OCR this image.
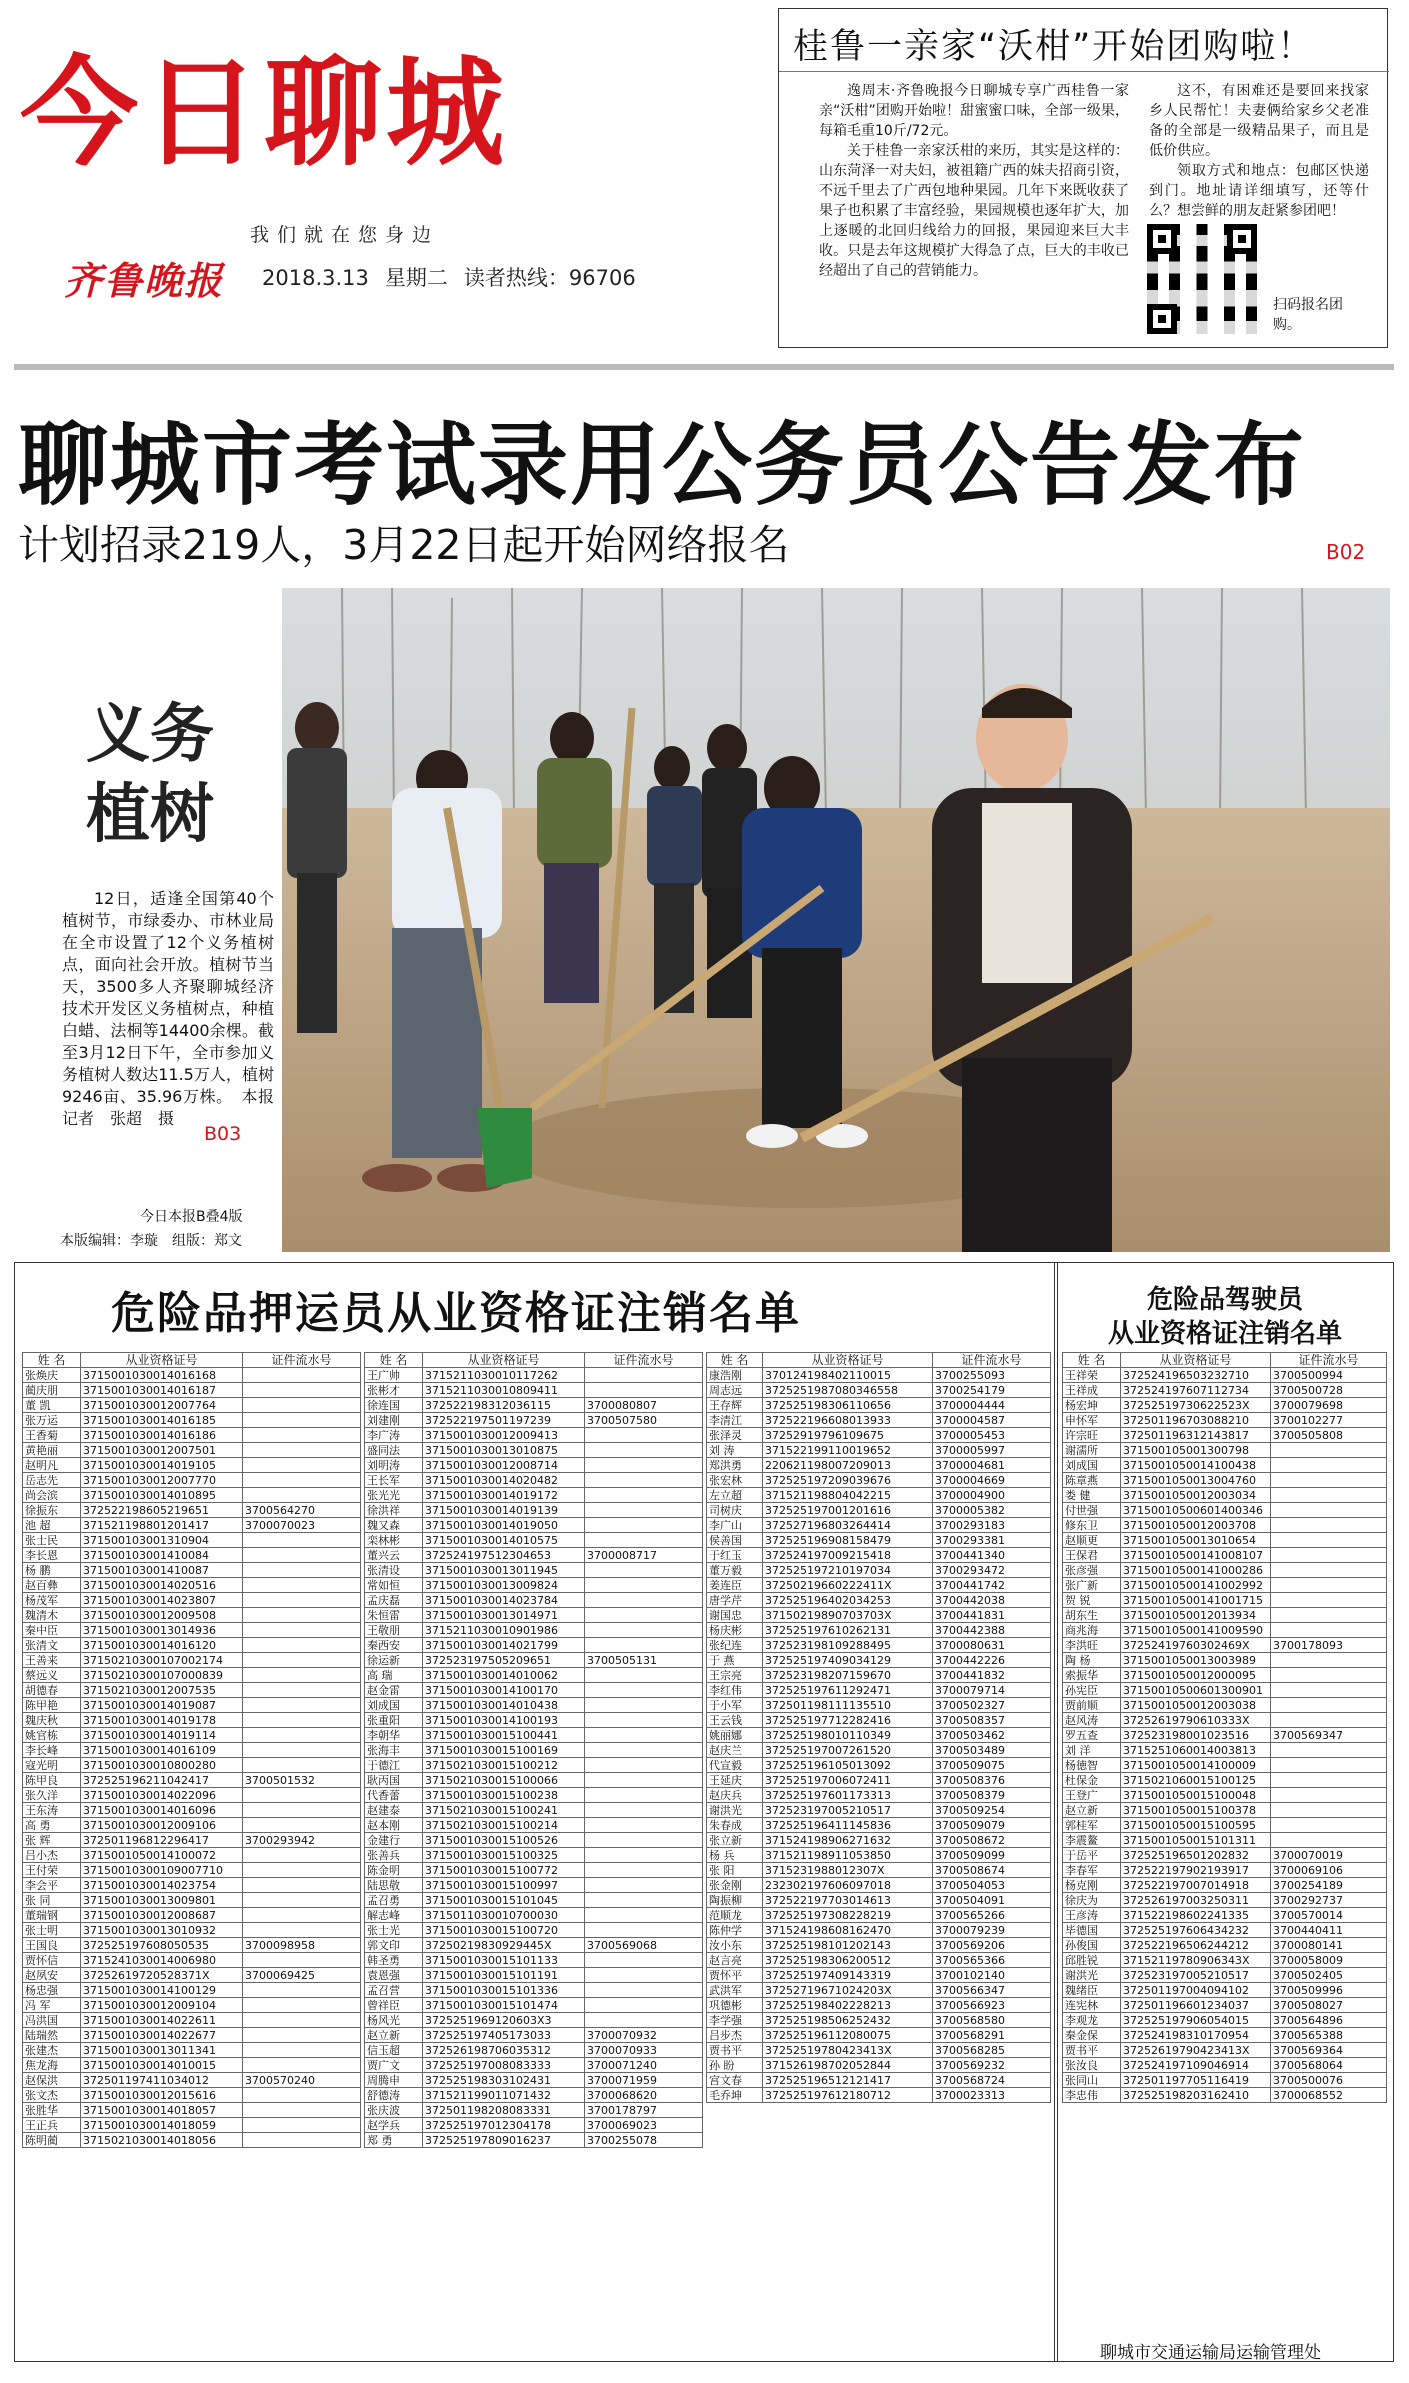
今日聊城
我们就在您身边
齐鲁晚报 2018.3.13 星期二 读者热线：96706
桂鲁一亲家“沃柑”开始团购啦！

逸周末·齐鲁晚报今日聊城专享广西桂鲁一家亲“沃柑”团购开始啦！甜蜜蜜口味，全部一级果，每箱毛重10斤/72元。

关于桂鲁一亲家沃柑的来历，其实是这样的：山东菏泽一对夫妇，被祖籍广西的妹夫招商引资，不远千里去了广西包地种果园。几年下来既收获了果子也积累了丰富经验，果园规模也逐年扩大，加上逐暖的北回归线给力的回报，果园迎来巨大丰收。只是去年这规模扩大得急了点，巨大的丰收已经超出了自己的营销能力。

这不，有困难还是要回来找家乡人民帮忙！夫妻俩给家乡父老准备的全部是一级精品果子，而且是低价供应。

领取方式和地点：包邮区快递到门。地址请详细填写，还等什么？想尝鲜的朋友赶紧参团吧！

扫码报名团购。
聊城市考试录用公务员公告发布
计划招录219人，3月22日起开始网络报名	B02
义务
植树
12日，适逢全国第40个植树节，市绿委办、市林业局在全市设置了12个义务植树点，面向社会开放。植树节当天，3500多人齐聚聊城经济技术开发区义务植树点，种植白蜡、法桐等14400余棵。截至3月12日下午，全市参加义务植树人数达11.5万人，植树9246亩、35.96万株。　本报记者　张超　摄
B03
今日本报B叠4版
本版编辑：李璇　组版：郑文
危险品押运员从业资格证注销名单
姓 名	从业资格证号	证件流水号
张焕庆	371500103001401616​8	
蔺庆朋	371500103001401618​7	
董 凯	371500103001200776​4	
张万运	371500103001401618​5	
王香菊	371500103001401618​6	
黄艳丽	371500103001200750​1	
赵明凡	371500103001401910​5	
岳志先	371500103001200777​0	
尚会滨	371500103001401089​5	
徐振东	372522198605219651	3700564270
池 超	371521198801201417	3700070023
张士民	371500103001310904	
李长恩	371500103001410084	
杨 鹏	371500103001410087	
赵百彝	371500103001402051​6	
杨茂军	371500103001402380​7	
魏清木	371500103001200950​8	
秦中臣	371500103001301493​6	
张清文	371500103001401612​0	
王善来	371502103001070021​74	
蔡远义	371502103001070008​39	
胡德春	371502103001200753​5	
陈甲艳	371500103001401908​7	
魏庆秋	371500103001401917​8	
姚官栋	371500103001401911​4	
李长峰	371500103001401610​9	
寇光明	371500103001080028​0	
陈甲良	372525196211042417	3700501532
张久洋	371500103001402209​6	
王东涛	371500103001401609​6	
高 勇	371500103001200910​6	
张 辉	372501196812296417	3700293942
吕小杰	371500105001410007​2	
王付荣	371500103001090077​10	
李会平	371500103001402375​4	
张 同	371500103001300980​1	
董瑞钢	371500103001200868​7	
张士明	371500103001301093​2	
王国良	372525197608050535	3700098958
贾怀信	371524103001400698​0	
赵夙安	372526197205283​71X	3700069425
杨忠强	371500103001410012​9	
冯 军	371500103001200910​4	
冯洪国	371500103001402261​1	
陆瑞然	371500103001402267​7	
张建杰	371500103001301134​1	
焦龙海	371500103001401001​5	
赵保洪	372501197411034012	3700570240
张文杰	371500103001201561​6	
张胜华	371500103001401805​7	
王正兵	371500103001401805​9	
陈明蔺	371502103001401805​6	
姓 名	从业资格证号	证件流水号
王广帅	371521103001011726​2	
张彬才	371521103001080941​1	
徐连国	372522198312036115	3700080807
刘建刚	372522197501197239	3700507580
李广涛	371500103001200941​3	
盛同法	371500103001301087​5	
刘明涛	371500103001200871​4	
王长军	371500103001402048​2	
张光光	371500103001401917​2	
徐洪祥	371500103001401913​9	
魏又森	371500103001401905​0	
栾林彬	371500103001401057​5	
董兴云	372524197512304653	3700008717
张清设	371500103001301194​5	
常如恒	371500103001300982​4	
孟庆磊	371500103001402378​4	
朱恒雷	371500103001301497​1	
王敬朋	371521103001090198​6	
秦西安	371500103001402179​9	
徐运新	372523197505209651	3700505131
高 瑞	371500103001401006​2	
赵金雷	371500103001410017​0	
刘成国	371500103001401043​8	
张重阳	371500103001410019​3	
李朝华	371500103001510044​1	
张海丰	371500103001510016​9	
于德江	371502103001510021​2	
耿丙国	371502103001510006​6	
代香蕾	371500103001510023​8	
赵建泰	371502103001510024​1	
赵本刚	371502103001510021​4	
金建行	371500103001510052​6	
张善兵	371500103001510032​5	
陈金明	371500103001510077​2	
陆思敬	371500103001510099​7	
孟召勇	371500103001510104​5	
解志峰	371501103001070003​0	
张士光	371500103001510072​0	
郭文印	372502198309294​45X	3700569068
韩圣勇	371500103001510113​3	
袁恩强	371500103001510119​1	
孟召营	371500103001510133​6	
曾祥臣	371500103001510147​4	
杨风光	372525196912060​3X3	
赵立新	372525197405173033	3700070932
信玉超	372526198706035312	3700070933
贾广文	372525197008083333	3700071240
周腾申	372525198303102431	3700071959
舒德涛	371521199011071432	3700068620
张庆波	372501198208083331	3700178797
赵学兵	372525197012304178	3700069023
郑 勇	372525197809016237	3700255078
姓 名	从业资格证号	证件流水号
康浩刚	370124198402110015	3700255093
周志远	372525198708034​6558	3700254179
王存辉	372525198306110656	3700004444
李清江	372522196608013933	3700004587
张泽灵	372529197961​09675	3700005453
刘 涛	371522199110019652	3700005997
郑洪勇	220621198007209013	3700004681
张宏林	372525197209039676	3700004669
左立超	371521198804042215	3700004900
司树庆	372525197001201616	3700005382
李广山	372527196803264414	3700293183
侯善国	372525196908158479	3700293381
于红玉	372524197009215418	3700441340
董万毅	372525197210197034	3700293472
姜连臣	372502196602224​11X	3700441742
唐学芹	372525196402034253	3700442038
谢国忠	371502198907037​03X	3700441831
杨庆彬	372525197610262131	3700442388
张纪连	372523198109288495	3700080631
于 燕	372525197409034129	3700442226
王宗亮	372523198207159670	3700441832
李红伟	372525197611292471	3700079714
于小军	372501198111135510	3700502327
王云钱	372525197712282416	3700508357
姚丽娜	372525198010110349	3700503462
赵庆兰	372525197007261520	3700503489
代宣毅	372525196105013092	3700509075
王延庆	372525197006072411	3700508376
赵庆兵	372525197601173313	3700508379
谢洪光	372523197005210517	3700509254
朱春成	372525196411145836	3700509079
张立新	371524198906271632	3700508672
杨 兵	371521198911053850	3700509099
张 阳	371523198801230​7X	3700508674
张金刚	232302197606097018	3700504053
陶振柳	372522197703014613	3700504091
范顺龙	372525197308228219	3700565266
陈仲学	371524198608162470	3700079239
汝小东	372525198101202143	3700569206
赵言亮	372525198306200512	3700565366
贾怀平	372525197409143319	3700102140
武洪军	372527196710242​03X	3700566347
巩德彬	372525198402228213	3700566923
李学强	372525198506252432	3700568580
吕步杰	372525196112080075	3700568291
贾书平	372525197804234​13X	3700568285
孙 盼	371526198702052844	3700569232
宫文春	372525196512121417	3700568724
毛乔坤	372525197612180712	3700023313
危险品驾驶员
从业资格证注销名单
姓 名	从业资格证号	证件流水号
王祥荣	372524196503232710	3700500994
王祥成	372524197607112734	3700500728
杨宏坤	372525197306225​23X	3700079698
申怀军	372501196703088210	3700102277
许宗旺	372501196312143817	3700505808
谢濡所	371500105001300798	
刘成国	371500105001410043​8	
陈章燕	371500105001300476​0	
娄 健	371500105001200303​4	
付世强	371500105006014003​46	
修东卫	371500105001200370​8	
赵顺更	371500105001301065​4	
王保君	371500105001410081​07	
张彦强	371500105001410002​86	
张广新	371500105001410029​92	
贺 锐	371500105001410017​15	
胡东生	371500105001201393​4	
商兆海	371500105001410095​90	
李洪旺	372524197603024​69X	3700178093
陶 杨	371500105001300398​9	
索振华	371500105001200009​5	
孙宪臣	371500105006013009​01	
贾前顺	371500105001200303​8	
赵风涛	372526197906103​33X	
罗五查	372523198001023516	3700569347
刘 洋	371525106001400381​3	
杨徳智	371500105001410000​9	
杜保金	371502106001510012​5	
王登广	371500105001510004​8	
赵立新	371500105001510037​8	
郭桂军	371500105001510059​5	
李震鳌	371500105001510131​1	
于岳平	372525196501202832	3700070019
李春军	372522197902193917	3700069106
杨克刚	372522197007014918	3700254189
徐庆为	372526197003250311	3700292737
王彦涛	371522198602241335	3700570014
毕德国	372525197606434232	3700440411
孙俊国	372522196506244212	3700080141
邱胜锐	371521197809063​43X	3700058009
谢洪光	372523197005210517	3700502405
魏绪臣	372501197004094102	3700509996
连宪林	372501196601234037	3700508027
李观龙	372525197906054015	3700564896
秦金保	372524198310170954	3700565388
贾书平	372526197904234​13X	3700569364
张汝良	372524197109046914	3700568064
张同山	372501197705116419	3700500076
李忠伟	372525198203162410	3700068552
聊城市交通运输局运输管理处
